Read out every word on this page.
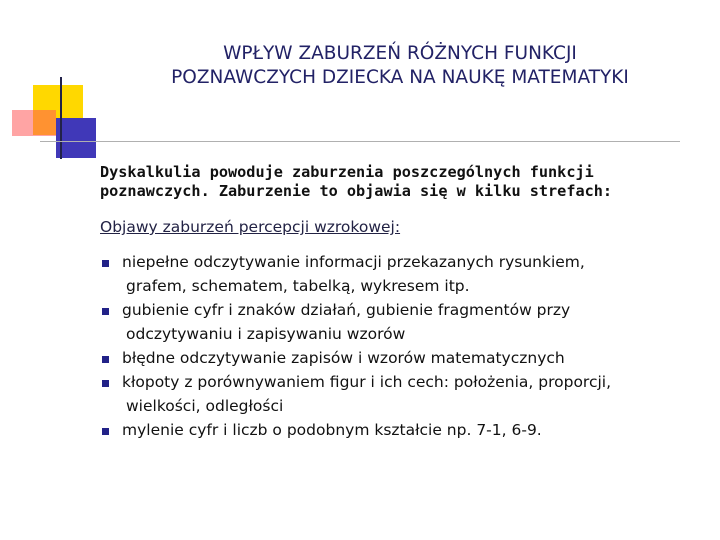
WPŁYW ZABURZEŃ RÓŻNYCH FUNKCJI
POZNAWCZYCH DZIECKA NA NAUKĘ MATEMATYKI
Dyskalkulia powoduje zaburzenia poszczególnych funkcji
poznawczych. Zaburzenie to objawia się w kilku strefach:
Objawy zaburzeń percepcji wzrokowej:
niepełne odczytywanie informacji przekazanych rysunkiem,
grafem, schematem, tabelką, wykresem itp.
gubienie cyfr i znaków działań, gubienie fragmentów przy
odczytywaniu i zapisywaniu wzorów
błędne odczytywanie zapisów i wzorów matematycznych
kłopoty z porównywaniem figur i ich cech: położenia, proporcji,
wielkości, odległości
mylenie cyfr i liczb o podobnym kształcie np. 7-1, 6-9.
